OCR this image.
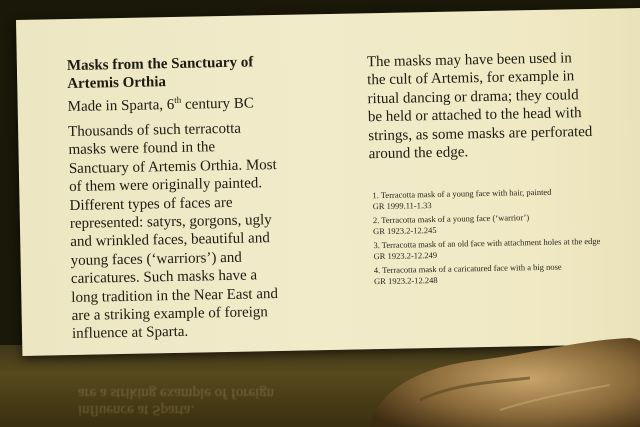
influence at Sparta.
are a striking example of foreign

Masks from the Sanctuary of
Artemis Orthia

Made in Sparta, 6th century BC

Thousands of such terracotta
masks were found in the
Sanctuary of Artemis Orthia. Most
of them were originally painted.
Different types of faces are
represented: satyrs, gorgons, ugly
and wrinkled faces, beautiful and
young faces (‘warriors’) and
caricatures. Such masks have a
long tradition in the Near East and
are a striking example of foreign
influence at Sparta.

The masks may have been used in
the cult of Artemis, for example in
ritual dancing or drama; they could
be held or attached to the head with
strings, as some masks are perforated
around the edge.

1. Terracotta mask of a young face with hair, painted
GR 1999.11-1.33
2. Terracotta mask of a young face (‘warrior’)
GR 1923.2-12.245
3. Terracotta mask of an old face with attachment holes at the edge
GR 1923.2-12.249
4. Terracotta mask of a caricatured face with a big nose
GR 1923.2-12.248
